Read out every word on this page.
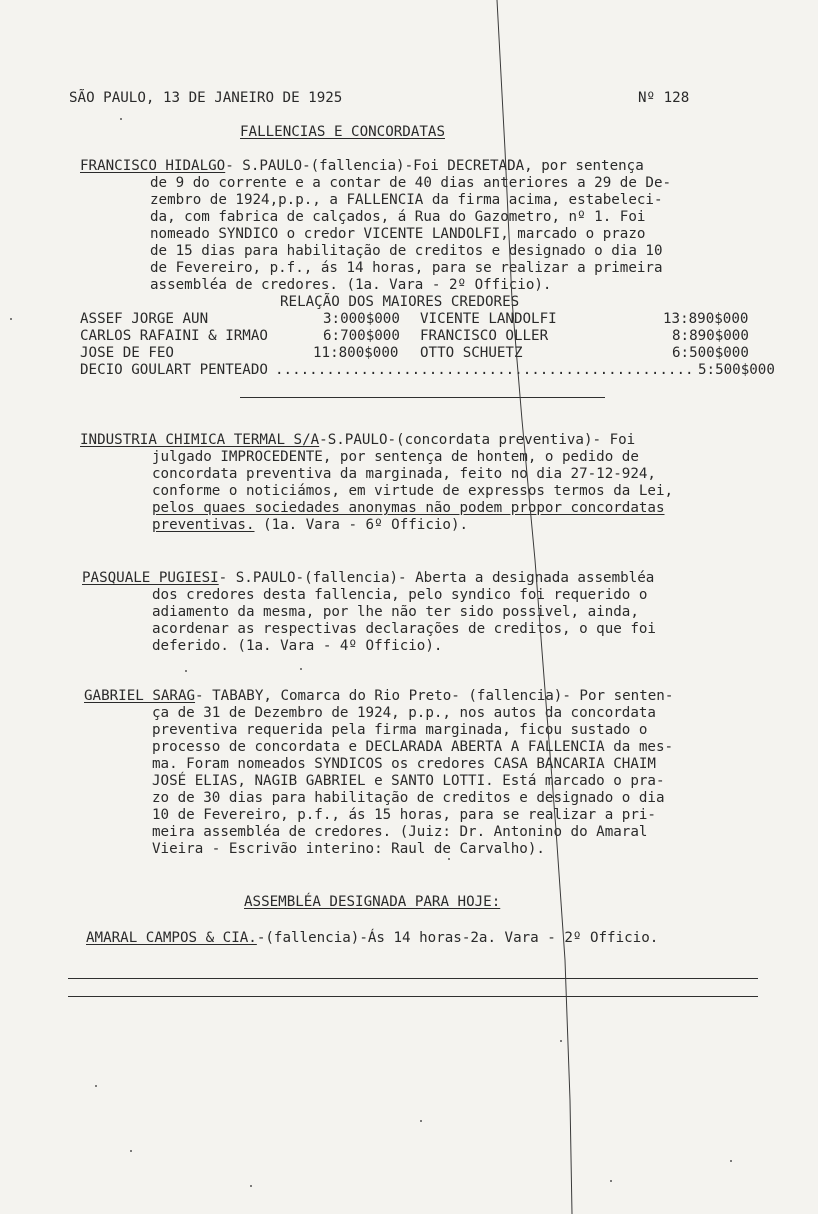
SÃO PAULO, 13 DE JANEIRO DE 1925	Nº 128
FALLENCIAS E CONCORDATAS
FRANCISCO HIDALGO- S.PAULO-(fallencia)-Foi DECRETADA, por sentença
de 9 do corrente e a contar de 40 dias anteriores a 29 de De-
zembro de 1924,p.p., a FALLENCIA da firma acima, estabeleci-
da, com fabrica de calçados, á Rua do Gazometro, nº 1. Foi
nomeado SYNDICO o credor VICENTE LANDOLFI, marcado o prazo
de 15 dias para habilitação de creditos e designado o dia 10
de Fevereiro, p.f., ás 14 horas, para se realizar a primeira
assembléa de credores. (1a. Vara - 2º Officio).
RELAÇÃO DOS MAIORES CREDORES
ASSEF JORGE AUN	3:000$000 VICENTE LANDOLFI	13:890$000
CARLOS RAFAINI & IRMAO	6:700$000 FRANCISCO OLLER	8:890$000
JOSE DE FEO	11:800$000 OTTO SCHUETZ	6:500$000
DECIO GOULART PENTEADO ................................................. 5:500$000
INDUSTRIA CHIMICA TERMAL S/A-S.PAULO-(concordata preventiva)- Foi
julgado IMPROCEDENTE, por sentença de hontem, o pedido de
concordata preventiva da marginada, feito no dia 27-12-924,
conforme o noticiámos, em virtude de expressos termos da Lei,
pelos quaes sociedades anonymas não podem propor concordatas
preventivas. (1a. Vara - 6º Officio).
PASQUALE PUGIESI- S.PAULO-(fallencia)- Aberta a designada assembléa
dos credores desta fallencia, pelo syndico foi requerido o
adiamento da mesma, por lhe não ter sido possivel, ainda,
acordenar as respectivas declarações de creditos, o que foi
deferido. (1a. Vara - 4º Officio).
GABRIEL SARAG- TABABY, Comarca do Rio Preto- (fallencia)- Por senten-
ça de 31 de Dezembro de 1924, p.p., nos autos da concordata
preventiva requerida pela firma marginada, ficou sustado o
processo de concordata e DECLARADA ABERTA A FALLENCIA da mes-
ma. Foram nomeados SYNDICOS os credores CASA BANCARIA CHAIM
JOSÉ ELIAS, NAGIB GABRIEL e SANTO LOTTI. Está marcado o pra-
zo de 30 dias para habilitação de creditos e designado o dia
10 de Fevereiro, p.f., ás 15 horas, para se realizar a pri-
meira assembléa de credores. (Juiz: Dr. Antonino do Amaral
Vieira - Escrivão interino: Raul de Carvalho).
ASSEMBLÉA DESIGNADA PARA HOJE:
AMARAL CAMPOS & CIA.-(fallencia)-Ás 14 horas-2a. Vara - 2º Officio.
